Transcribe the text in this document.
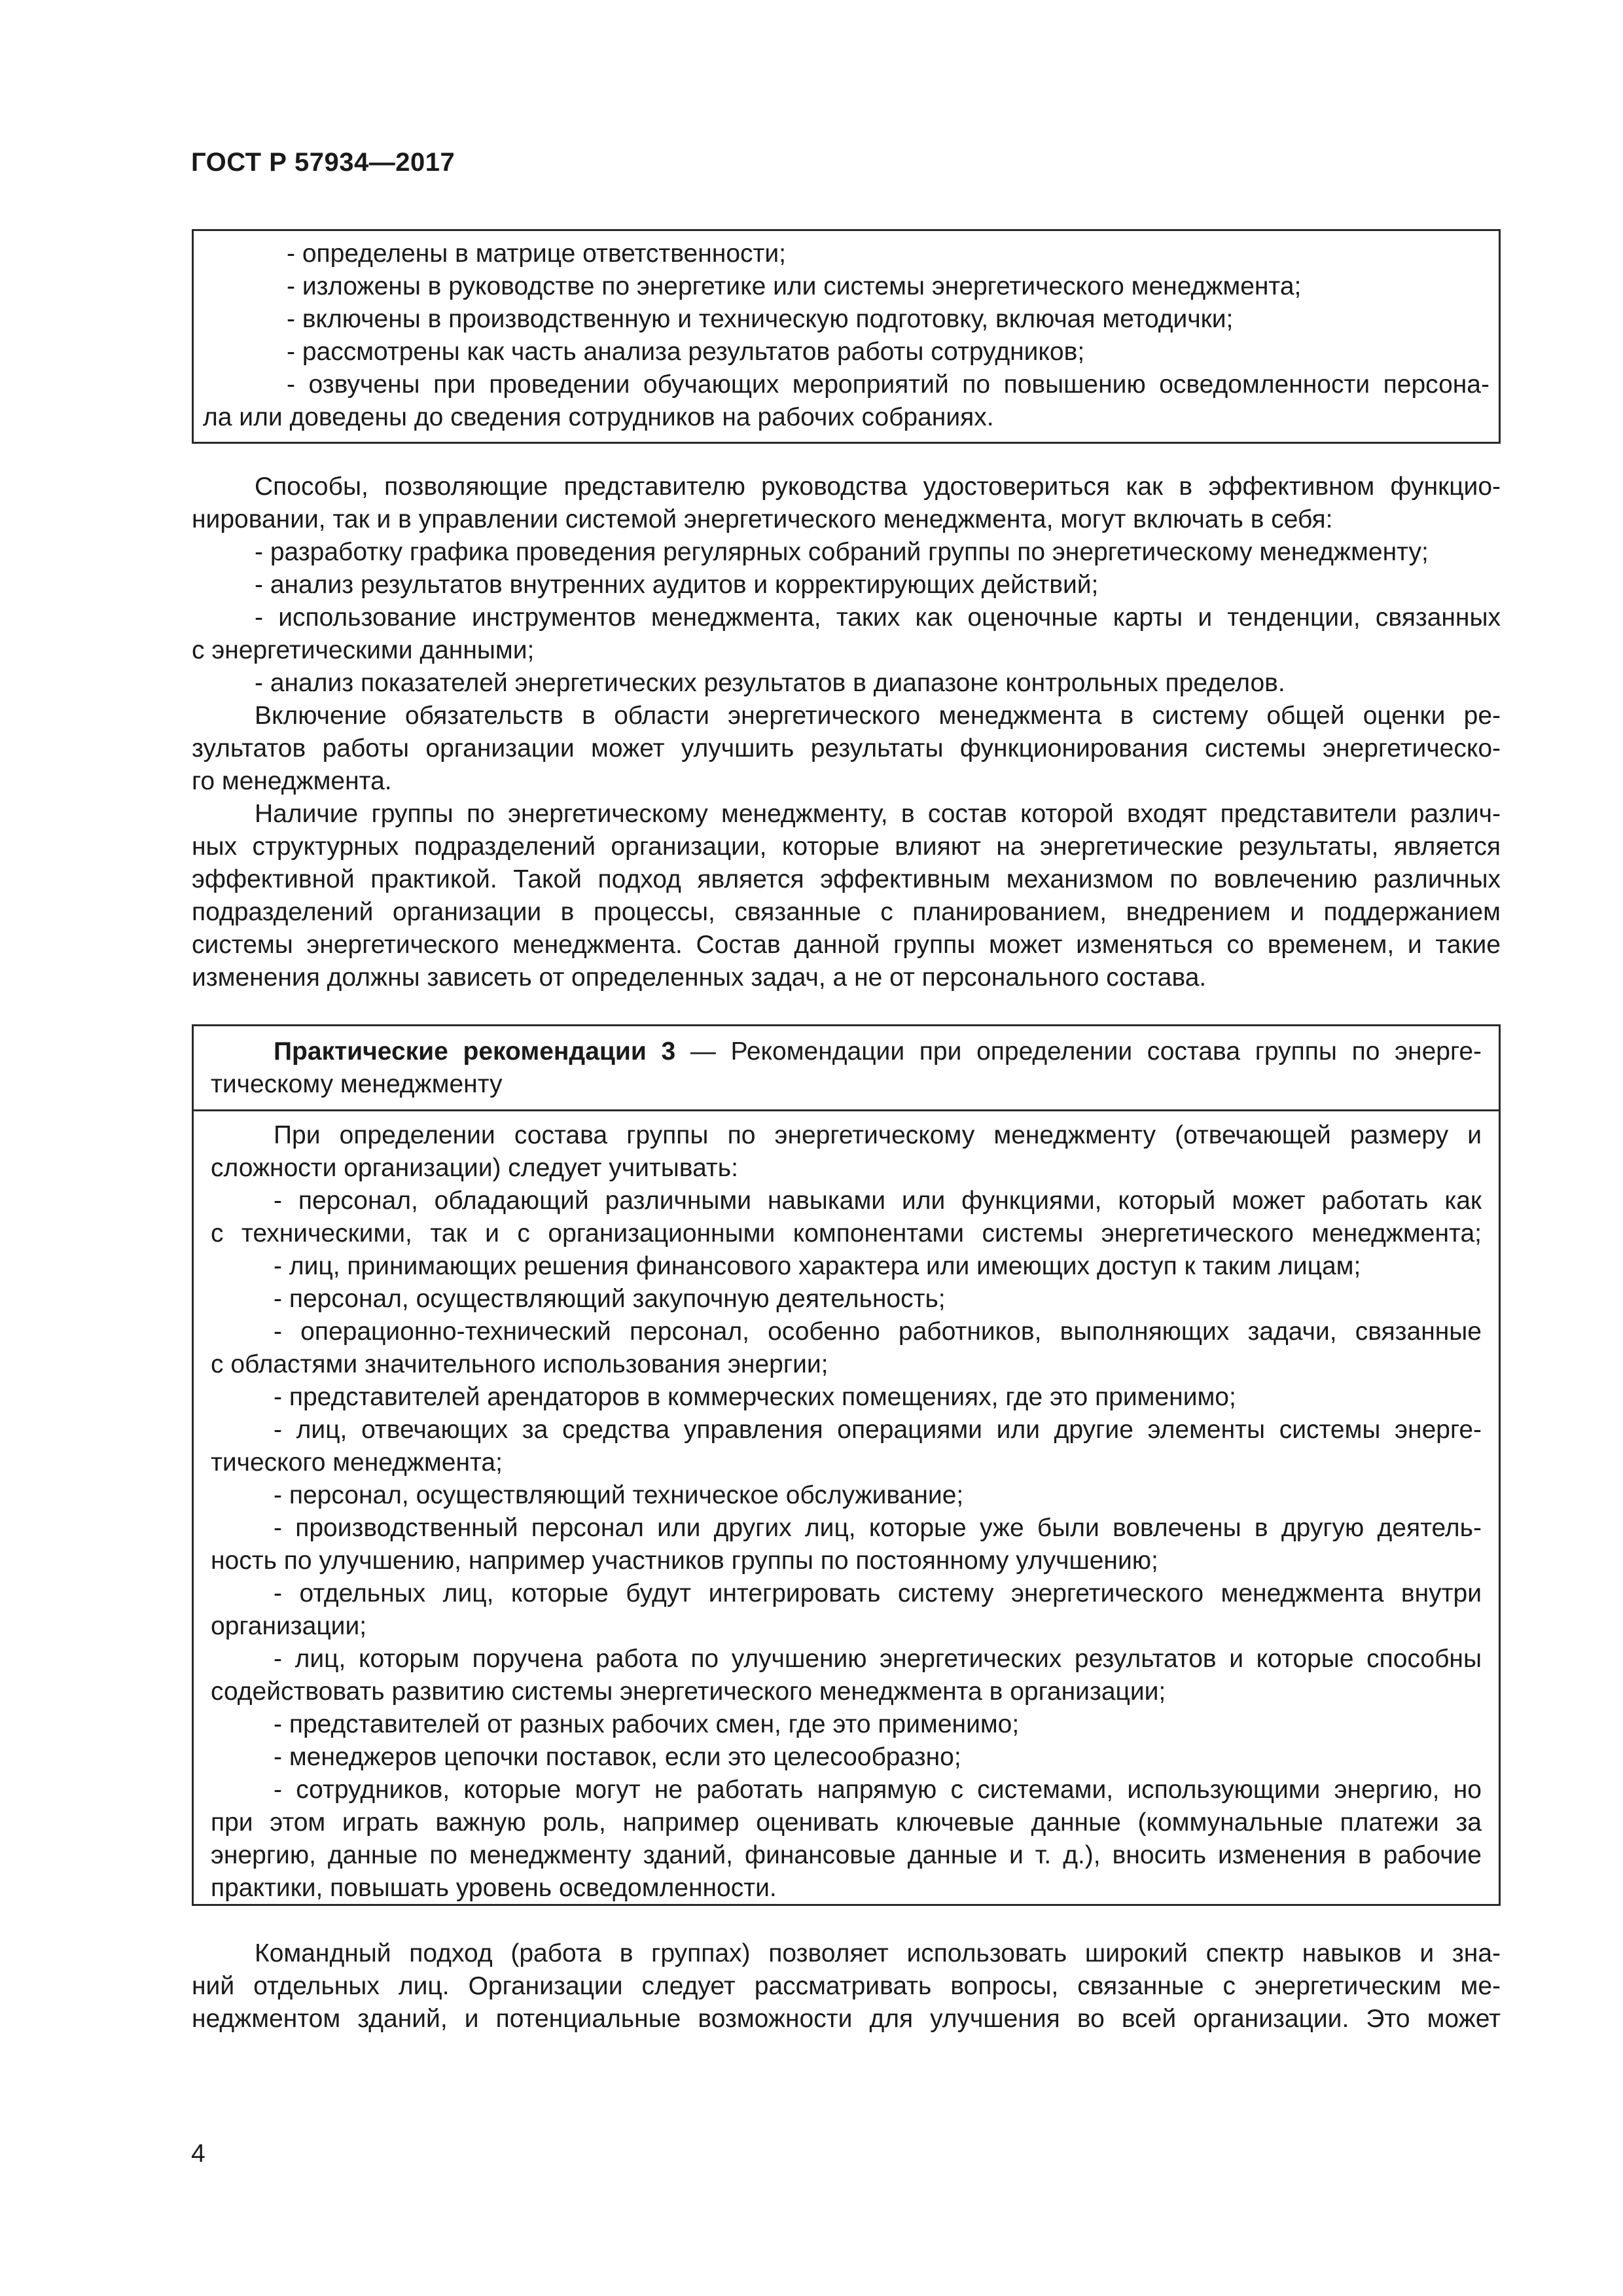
ГОСТ Р 57934—2017
- определены в матрице ответственности;
- изложены в руководстве по энергетике или системы энергетического менеджмента;
- включены в производственную и техническую подготовку, включая методички;
- рассмотрены как часть анализа результатов работы сотрудников;
- озвучены при проведении обучающих мероприятий по повышению осведомленности персона-
ла или доведены до сведения сотрудников на рабочих собраниях.
Способы, позволяющие представителю руководства удостовериться как в эффективном функцио-
нировании, так и в управлении системой энергетического менеджмента, могут включать в себя:
- разработку графика проведения регулярных собраний группы по энергетическому менеджменту;
- анализ результатов внутренних аудитов и корректирующих действий;
- использование инструментов менеджмента, таких как оценочные карты и тенденции, связанных
с энергетическими данными;
- анализ показателей энергетических результатов в диапазоне контрольных пределов.
Включение обязательств в области энергетического менеджмента в систему общей оценки ре-
зультатов работы организации может улучшить результаты функционирования системы энергетическо-
го менеджмента.
Наличие группы по энергетическому менеджменту, в состав которой входят представители различ-
ных структурных подразделений организации, которые влияют на энергетические результаты, является
эффективной практикой. Такой подход является эффективным механизмом по вовлечению различных
подразделений организации в процессы, связанные с планированием, внедрением и поддержанием
системы энергетического менеджмента. Состав данной группы может изменяться со временем, и такие
изменения должны зависеть от определенных задач, а не от персонального состава.
Практические рекомендации 3 — Рекомендации при определении состава группы по энерге-
тическому менеджменту
При определении состава группы по энергетическому менеджменту (отвечающей размеру и
сложности организации) следует учитывать:
- персонал, обладающий различными навыками или функциями, который может работать как
с техническими, так и с организационными компонентами системы энергетического менеджмента;
- лиц, принимающих решения финансового характера или имеющих доступ к таким лицам;
- персонал, осуществляющий закупочную деятельность;
- операционно-технический персонал, особенно работников, выполняющих задачи, связанные
с областями значительного использования энергии;
- представителей арендаторов в коммерческих помещениях, где это применимо;
- лиц, отвечающих за средства управления операциями или другие элементы системы энерге-
тического менеджмента;
- персонал, осуществляющий техническое обслуживание;
- производственный персонал или других лиц, которые уже были вовлечены в другую деятель-
ность по улучшению, например участников группы по постоянному улучшению;
- отдельных лиц, которые будут интегрировать систему энергетического менеджмента внутри
организации;
- лиц, которым поручена работа по улучшению энергетических результатов и которые способны
содействовать развитию системы энергетического менеджмента в организации;
- представителей от разных рабочих смен, где это применимо;
- менеджеров цепочки поставок, если это целесообразно;
- сотрудников, которые могут не работать напрямую с системами, использующими энергию, но
при этом играть важную роль, например оценивать ключевые данные (коммунальные платежи за
энергию, данные по менеджменту зданий, финансовые данные и т. д.), вносить изменения в рабочие
практики, повышать уровень осведомленности.
Командный подход (работа в группах) позволяет использовать широкий спектр навыков и зна-
ний отдельных лиц. Организации следует рассматривать вопросы, связанные с энергетическим ме-
неджментом зданий, и потенциальные возможности для улучшения во всей организации. Это может
4
